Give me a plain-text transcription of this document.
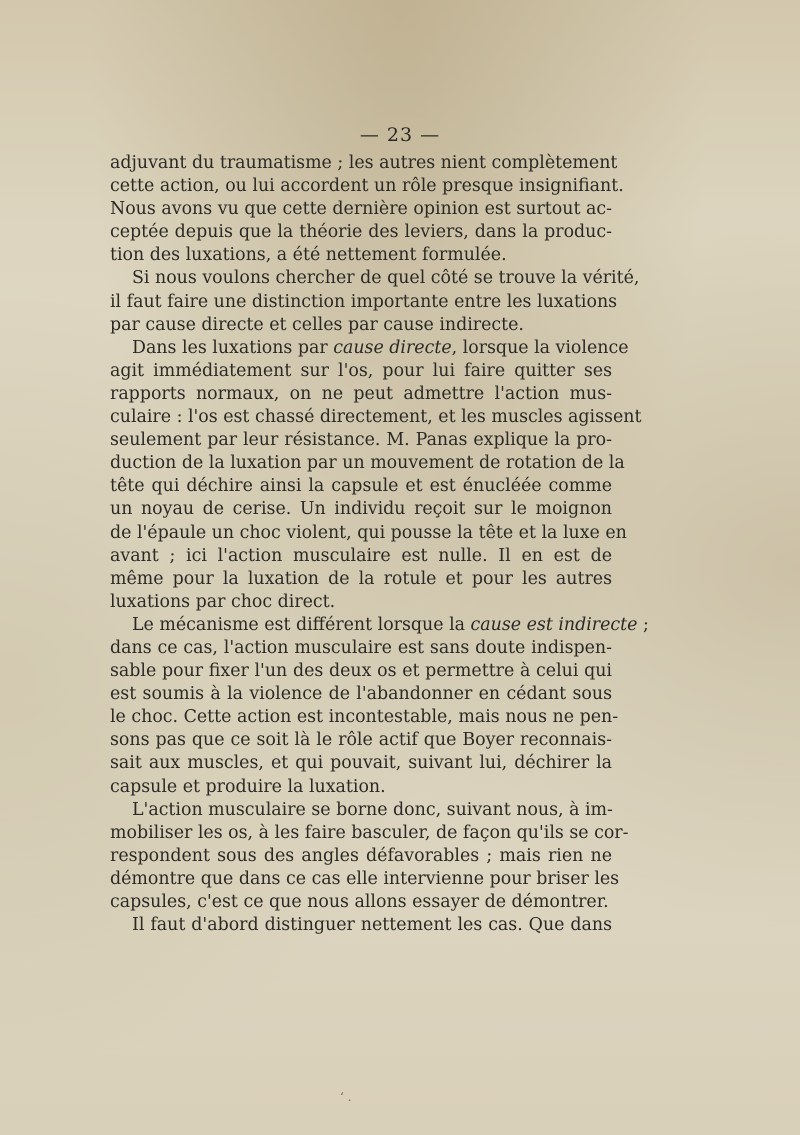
— 23 —
adjuvant du traumatisme ; les autres nient complètement
cette action, ou lui accordent un rôle presque insignifiant.
Nous avons vu que cette dernière opinion est surtout ac-
ceptée depuis que la théorie des leviers, dans la produc-
tion des luxations, a été nettement formulée.
Si nous voulons chercher de quel côté se trouve la vérité,
il faut faire une distinction importante entre les luxations
par cause directe et celles par cause indirecte.
Dans les luxations par cause directe, lorsque la violence
agit immédiatement sur l'os, pour lui faire quitter ses
rapports normaux, on ne peut admettre l'action mus-
culaire : l'os est chassé directement, et les muscles agissent
seulement par leur résistance. M. Panas explique la pro-
duction de la luxation par un mouvement de rotation de la
tête qui déchire ainsi la capsule et est énucléée comme
un noyau de cerise. Un individu reçoit sur le moignon
de l'épaule un choc violent, qui pousse la tête et la luxe en
avant ; ici l'action musculaire est nulle. Il en est de
même pour la luxation de la rotule et pour les autres
luxations par choc direct.
Le mécanisme est différent lorsque la cause est indirecte ;
dans ce cas, l'action musculaire est sans doute indispen-
sable pour fixer l'un des deux os et permettre à celui qui
est soumis à la violence de l'abandonner en cédant sous
le choc. Cette action est incontestable, mais nous ne pen-
sons pas que ce soit là le rôle actif que Boyer reconnais-
sait aux muscles, et qui pouvait, suivant lui, déchirer la
capsule et produire la luxation.
L'action musculaire se borne donc, suivant nous, à im-
mobiliser les os, à les faire basculer, de façon qu'ils se cor-
respondent sous des angles défavorables ; mais rien ne
démontre que dans ce cas elle intervienne pour briser les
capsules, c'est ce que nous allons essayer de démontrer.
Il faut d'abord distinguer nettement les cas. Que dans
ʻ .
